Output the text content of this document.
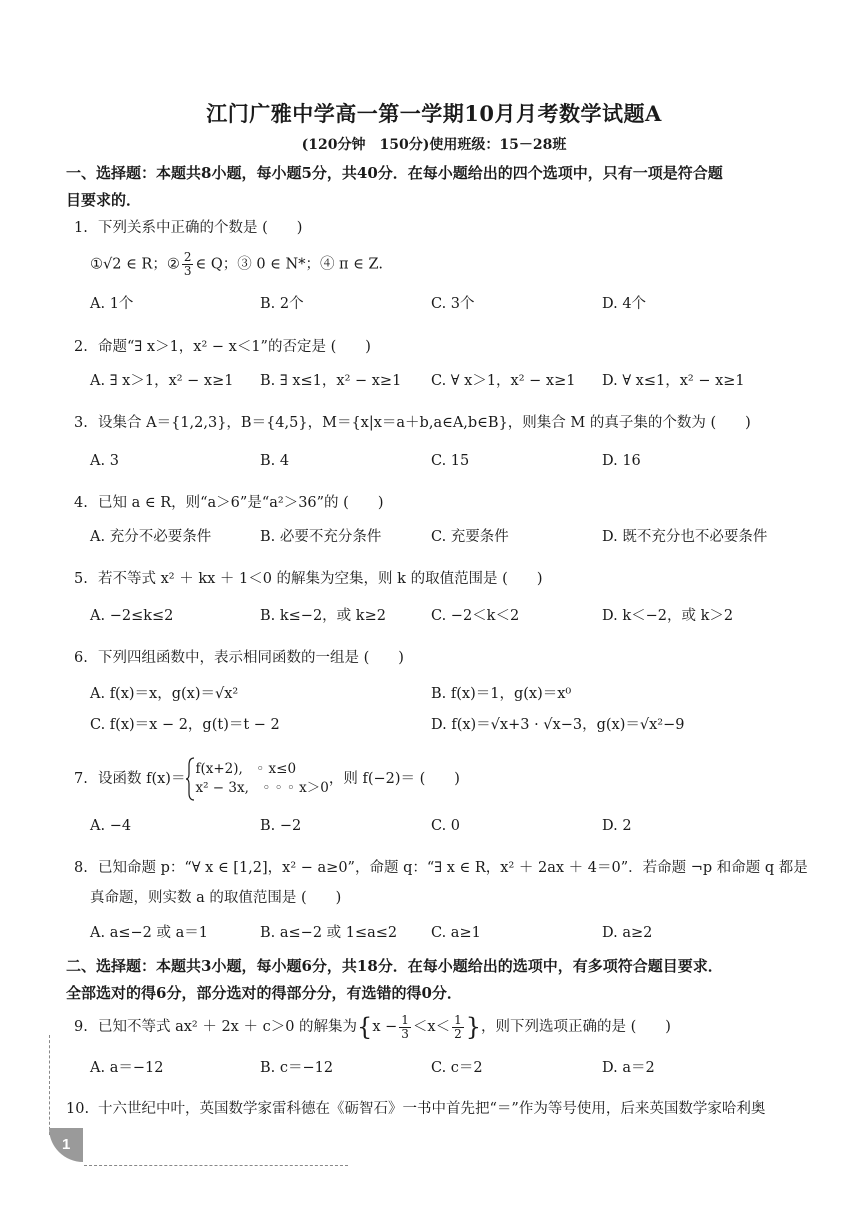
江门广雅中学高一第一学期10月月考数学试题A
(120分钟　150分)使用班级：15－28班
一、选择题：本题共8小题，每小题5分，共40分．在每小题给出的四个选项中，只有一项是符合题
目要求的．
1. 下列关系中正确的个数是 (　　)
①√2 ∈ R；② $\frac{2}{3}$ ∈ Q；③ 0 ∈ N*；④ π ∈ Z.
A. 1个	B. 2个	C. 3个	D. 4个
2. 命题“∃ x＞1，x² − x＜1”的否定是 (　　)
A. ∃ x＞1，x² − x≥1 B. ∃ x≤1，x² − x≥1 C. ∀ x＞1，x² − x≥1 D. ∀ x≤1，x² − x≥1
3. 设集合 A＝{1,2,3}，B＝{4,5}，M＝{x|x＝a＋b,a∈A,b∈B}，则集合 M 的真子集的个数为 (　　)
A. 3	B. 4	C. 15	D. 16
4. 已知 a ∈ R，则“a＞6”是“a²＞36”的 (　　)
A. 充分不必要条件	B. 必要不充分条件	C. 充要条件	D. 既不充分也不必要条件
5. 若不等式 x² ＋ kx ＋ 1＜0 的解集为空集，则 k 的取值范围是 (　　)
A. −2≤k≤2	B. k≤−2，或 k≥2	C. −2＜k＜2	D. k＜−2，或 k＞2
6. 下列四组函数中，表示相同函数的一组是 (　　)
A. f(x)＝x，g(x)＝√x²	B. f(x)＝1，g(x)＝x⁰
C. f(x)＝x − 2，g(t)＝t − 2	D. f(x)＝√x+3 · √x−3，g(x)＝√x²−9
7. 设函数 f(x)＝
f(x+2),　◦ x≤0
x² − 3x,　◦ ◦ ◦ x＞0
，则 f(−2)＝ (　　)
A. −4	B. −2	C. 0	D. 2
8. 已知命题 p：“∀ x ∈ [1,2]，x² − a≥0”，命题 q：“∃ x ∈ R，x² ＋ 2ax ＋ 4＝0”．若命题 ¬p 和命题 q 都是
真命题，则实数 a 的取值范围是 (　　)
A. a≤−2 或 a＝1	B. a≤−2 或 1≤a≤2 C. a≥1	D. a≥2
二、选择题：本题共3小题，每小题6分，共18分．在每小题给出的选项中，有多项符合题目要求．
全部选对的得6分，部分选对的得部分分，有选错的得0分．
9. 已知不等式 ax² ＋ 2x ＋ c＞0 的解集为{$x - \frac{1}{3} <x< \frac{1}{2}$ }，则下列选项正确的是 (　　)
A. a＝−12	B. c＝−12	C. c＝2	D. a＝2
10. 十六世纪中叶，英国数学家雷科德在《砺智石》一书中首先把“＝”作为等号使用，后来英国数学家哈利奥
1
